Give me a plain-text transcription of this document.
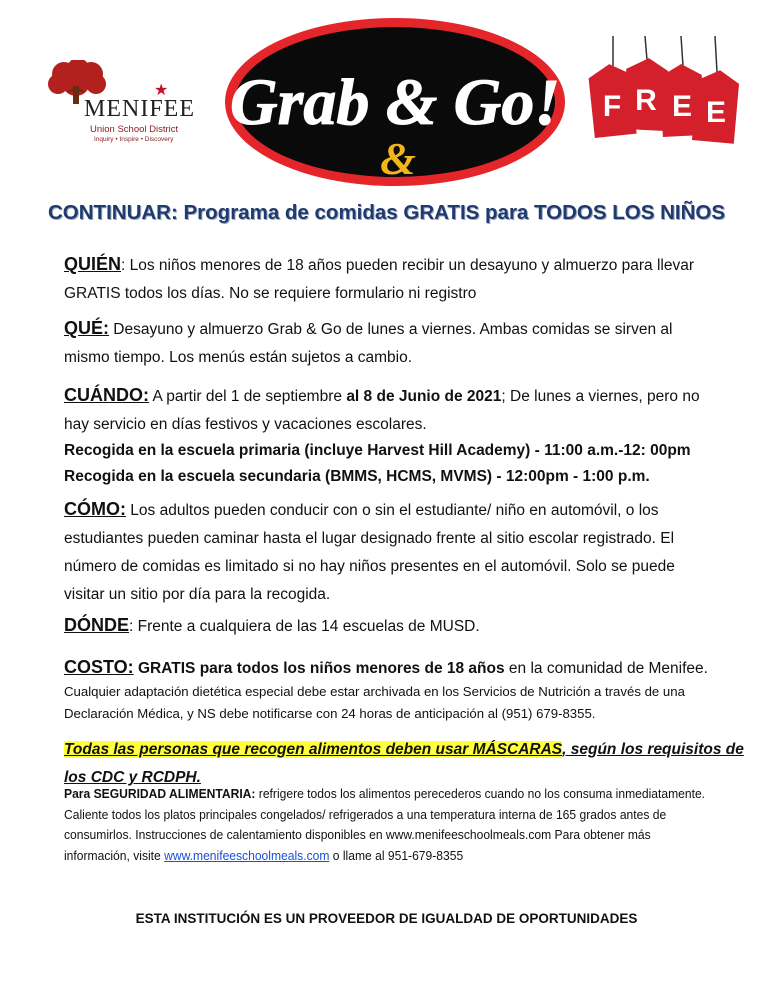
★
MENIFEE
Union School District
Inquiry • Inspire • Discovery
Grab & Go!
&
F R E E
CONTINUAR: Programa de comidas GRATIS para TODOS LOS NIÑOS
QUIÉN: Los niños menores de 18 años pueden recibir un desayuno y almuerzo para llevar
GRATIS todos los días. No se requiere formulario ni registro
QUÉ: Desayuno y almuerzo Grab & Go de lunes a viernes. Ambas comidas se sirven al
mismo tiempo. Los menús están sujetos a cambio.
CUÁNDO: A partir del 1 de septiembre al 8 de Junio de 2021; De lunes a viernes, pero no
hay servicio en días festivos y vacaciones escolares.
Recogida en la escuela primaria (incluye Harvest Hill Academy) - 11:00 a.m.-12: 00pm
Recogida en la escuela secundaria (BMMS, HCMS, MVMS) - 12:00pm - 1:00 p.m.
CÓMO: Los adultos pueden conducir con o sin el estudiante/ niño en automóvil, o los
estudiantes pueden caminar hasta el lugar designado frente al sitio escolar registrado. El
número de comidas es limitado si no hay niños presentes en el automóvil. Solo se puede
visitar un sitio por día para la recogida.
DÓNDE: Frente a cualquiera de las 14 escuelas de MUSD.
COSTO: GRATIS para todos los niños menores de 18 años en la comunidad de Menifee.
Cualquier adaptación dietética especial debe estar archivada en los Servicios de Nutrición a través de una
Declaración Médica, y NS debe notificarse con 24 horas de anticipación al (951) 679-8355.
Todas las personas que recogen alimentos deben usar MÁSCARAS, según los requisitos de
los CDC y RCDPH.
Para SEGURIDAD ALIMENTARIA: refrigere todos los alimentos perecederos cuando no los consuma inmediatamente.
Caliente todos los platos principales congelados/ refrigerados a una temperatura interna de 165 grados antes de
consumirlos. Instrucciones de calentamiento disponibles en www.menifeeschoolmeals.com Para obtener más
información, visite www.menifeeschoolmeals.com o llame al 951-679-8355
ESTA INSTITUCIÓN ES UN PROVEEDOR DE IGUALDAD DE OPORTUNIDADES
